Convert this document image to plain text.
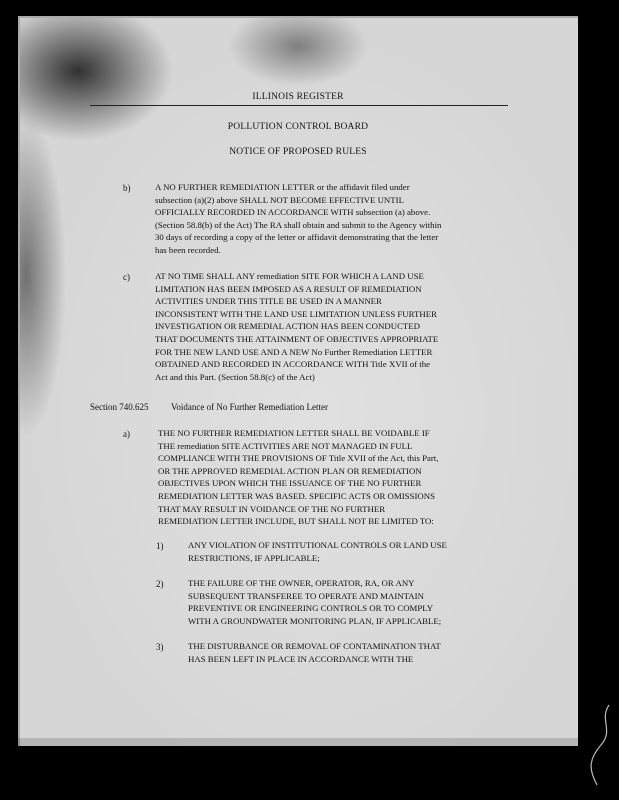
ILLINOIS REGISTER
POLLUTION CONTROL BOARD
NOTICE OF PROPOSED RULES
b)	A NO FURTHER REMEDIATION LETTER or the affidavit filed under
subsection (a)(2) above SHALL NOT BECOME EFFECTIVE UNTIL
OFFICIALLY RECORDED IN ACCORDANCE WITH subsection (a) above.
(Section 58.8(b) of the Act) The RA shall obtain and submit to the Agency within
30 days of recording a copy of the letter or affidavit demonstrating that the letter
has been recorded.

c)	AT NO TIME SHALL ANY remediation SITE FOR WHICH A LAND USE
LIMITATION HAS BEEN IMPOSED AS A RESULT OF REMEDIATION
ACTIVITIES UNDER THIS TITLE BE USED IN A MANNER
INCONSISTENT WITH THE LAND USE LIMITATION UNLESS FURTHER
INVESTIGATION OR REMEDIAL ACTION HAS BEEN CONDUCTED
THAT DOCUMENTS THE ATTAINMENT OF OBJECTIVES APPROPRIATE
FOR THE NEW LAND USE AND A NEW No Further Remediation LETTER
OBTAINED AND RECORDED IN ACCORDANCE WITH Title XVII of the
Act and this Part. (Section 58.8(c) of the Act)

Section 740.625	Voidance of No Further Remediation Letter
a)	THE NO FURTHER REMEDIATION LETTER SHALL BE VOIDABLE IF
THE remediation SITE ACTIVITIES ARE NOT MANAGED IN FULL
COMPLIANCE WITH THE PROVISIONS OF Title XVII of the Act, this Part,
OR THE APPROVED REMEDIAL ACTION PLAN OR REMEDIATION
OBJECTIVES UPON WHICH THE ISSUANCE OF THE NO FURTHER
REMEDIATION LETTER WAS BASED. SPECIFIC ACTS OR OMISSIONS
THAT MAY RESULT IN VOIDANCE OF THE NO FURTHER
REMEDIATION LETTER INCLUDE, BUT SHALL NOT BE LIMITED TO:

1)	ANY VIOLATION OF INSTITUTIONAL CONTROLS OR LAND USE
RESTRICTIONS, IF APPLICABLE;

2)	THE FAILURE OF THE OWNER, OPERATOR, RA, OR ANY
SUBSEQUENT TRANSFEREE TO OPERATE AND MAINTAIN
PREVENTIVE OR ENGINEERING CONTROLS OR TO COMPLY
WITH A GROUNDWATER MONITORING PLAN, IF APPLICABLE;

3)	THE DISTURBANCE OR REMOVAL OF CONTAMINATION THAT
HAS BEEN LEFT IN PLACE IN ACCORDANCE WITH THE
